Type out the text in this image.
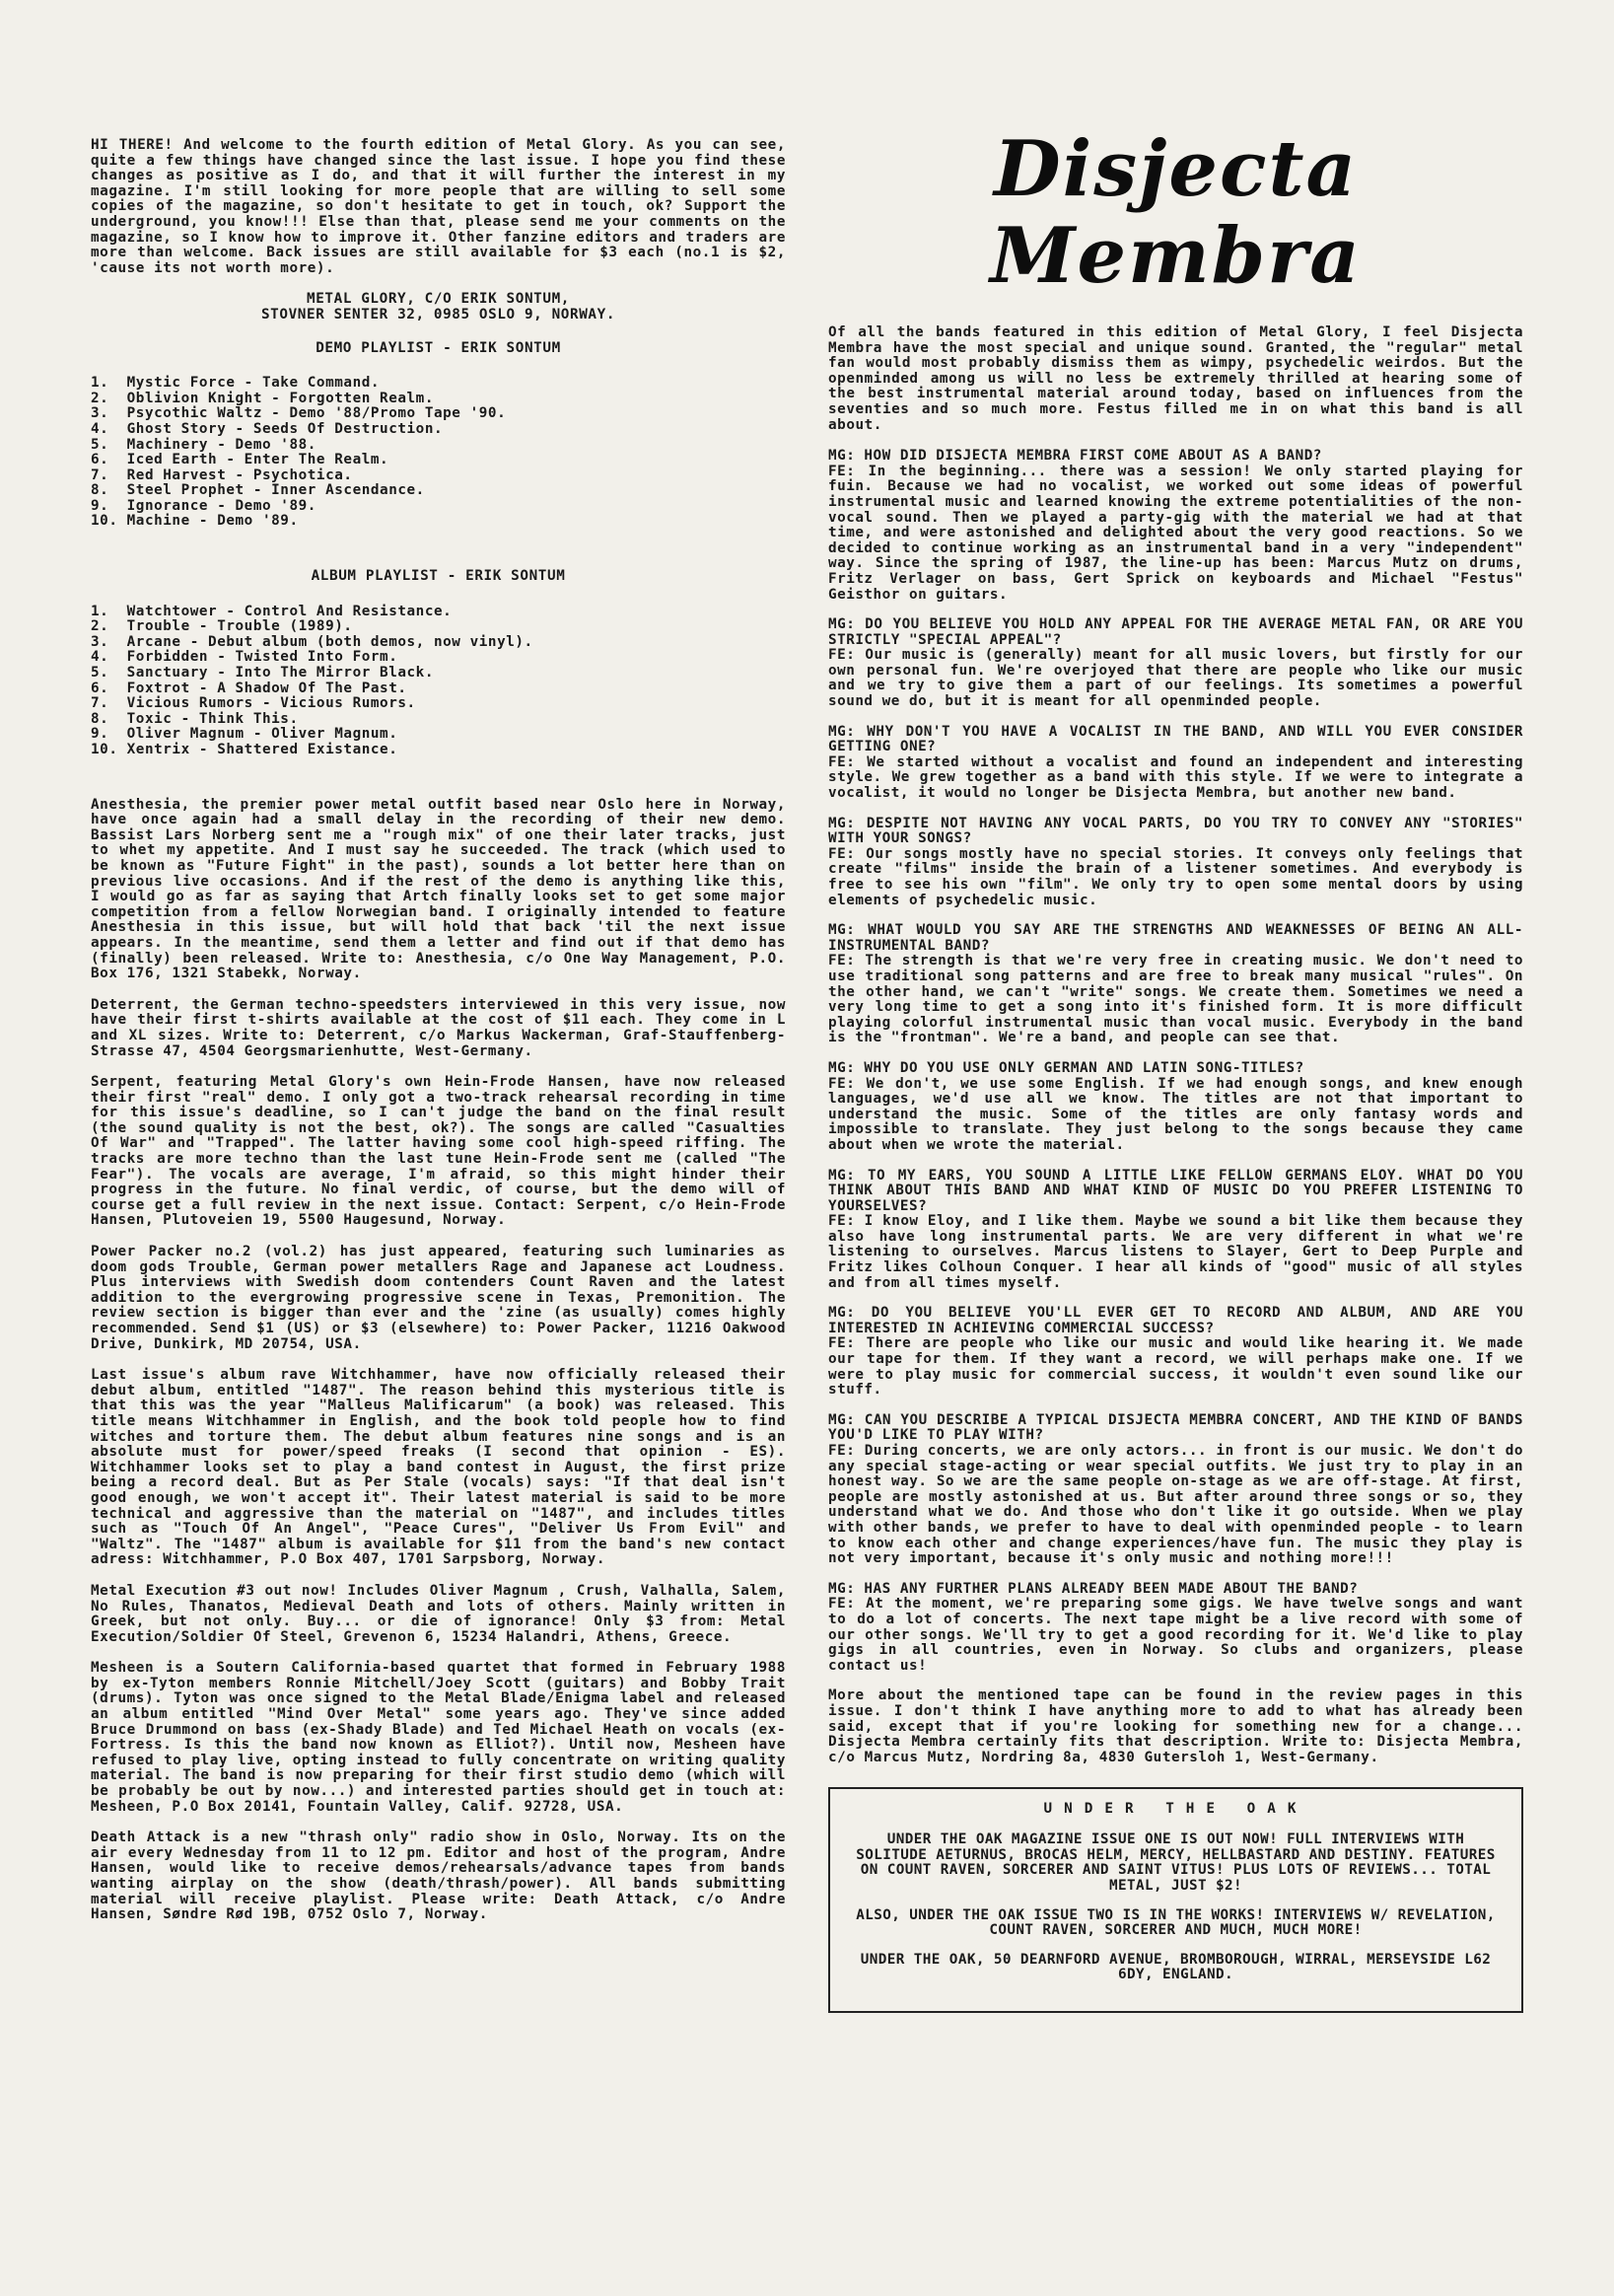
HI THERE! And welcome to the fourth edition of Metal Glory. As you can see, quite a few things have changed since the last issue. I hope you find these changes as positive as I do, and that it will further the interest in my magazine. I'm still looking for more people that are willing to sell some copies of the magazine, so don't hesitate to get in touch, ok? Support the underground, you know!!! Else than that, please send me your comments on the magazine, so I know how to improve it. Other fanzine editors and traders are more than welcome. Back issues are still available for $3 each (no.1 is $2, 'cause its not worth more).

METAL GLORY, C/O ERIK SONTUM,
STOVNER SENTER 32, 0985 OSLO 9, NORWAY.
DEMO PLAYLIST - ERIK SONTUM
1.  Mystic Force - Take Command.
2.  Oblivion Knight - Forgotten Realm.
3.  Psycothic Waltz - Demo '88/Promo Tape '90.
4.  Ghost Story - Seeds Of Destruction.
5.  Machinery - Demo '88.
6.  Iced Earth - Enter The Realm.
7.  Red Harvest - Psychotica.
8.  Steel Prophet - Inner Ascendance.
9.  Ignorance - Demo '89.
10. Machine - Demo '89.
ALBUM PLAYLIST - ERIK SONTUM
1.  Watchtower - Control And Resistance.
2.  Trouble - Trouble (1989).
3.  Arcane - Debut album (both demos, now vinyl).
4.  Forbidden - Twisted Into Form.
5.  Sanctuary - Into The Mirror Black.
6.  Foxtrot - A Shadow Of The Past.
7.  Vicious Rumors - Vicious Rumors.
8.  Toxic - Think This.
9.  Oliver Magnum - Oliver Magnum.
10. Xentrix - Shattered Existance.

Anesthesia, the premier power metal outfit based near Oslo here in Norway, have once again had a small delay in the recording of their new demo. Bassist Lars Norberg sent me a "rough mix" of one their later tracks, just to whet my appetite. And I must say he succeeded. The track (which used to be known as "Future Fight" in the past), sounds a lot better here than on previous live occasions. And if the rest of the demo is anything like this, I would go as far as saying that Artch finally looks set to get some major competition from a fellow Norwegian band. I originally intended to feature Anesthesia in this issue, but will hold that back 'til the next issue appears. In the meantime, send them a letter and find out if that demo has (finally) been released. Write to: Anesthesia, c/o One Way Management, P.O. Box 176, 1321 Stabekk, Norway.

Deterrent, the German techno-speedsters interviewed in this very issue, now have their first t-shirts available at the cost of $11 each. They come in L and XL sizes. Write to: Deterrent, c/o Markus Wackerman, Graf-Stauffenberg-Strasse 47, 4504 Georgsmarienhutte, West-Germany.

Serpent, featuring Metal Glory's own Hein-Frode Hansen, have now released their first "real" demo. I only got a two-track rehearsal recording in time for this issue's deadline, so I can't judge the band on the final result (the sound quality is not the best, ok?). The songs are called "Casualties Of War" and "Trapped". The latter having some cool high-speed riffing. The tracks are more techno than the last tune Hein-Frode sent me (called "The Fear"). The vocals are average, I'm afraid, so this might hinder their progress in the future. No final verdic, of course, but the demo will of course get a full review in the next issue. Contact: Serpent, c/o Hein-Frode Hansen, Plutoveien 19, 5500 Haugesund, Norway.

Power Packer no.2 (vol.2) has just appeared, featuring such luminaries as doom gods Trouble, German power metallers Rage and Japanese act Loudness. Plus interviews with Swedish doom contenders Count Raven and the latest addition to the evergrowing progressive scene in Texas, Premonition. The review section is bigger than ever and the 'zine (as usually) comes highly recommended. Send $1 (US) or $3 (elsewhere) to: Power Packer, 11216 Oakwood Drive, Dunkirk, MD 20754, USA.

Last issue's album rave Witchhammer, have now officially released their debut album, entitled "1487". The reason behind this mysterious title is that this was the year "Malleus Malificarum" (a book) was released. This title means Witchhammer in English, and the book told people how to find witches and torture them. The debut album features nine songs and is an absolute must for power/speed freaks (I second that opinion - ES). Witchhammer looks set to play a band contest in August, the first prize being a record deal. But as Per Stale (vocals) says: "If that deal isn't good enough, we won't accept it". Their latest material is said to be more technical and aggressive than the material on "1487", and includes titles such as "Touch Of An Angel", "Peace Cures", "Deliver Us From Evil" and "Waltz". The "1487" album is available for $11 from the band's new contact adress: Witchhammer, P.O Box 407, 1701 Sarpsborg, Norway.

Metal Execution #3 out now! Includes Oliver Magnum , Crush, Valhalla, Salem, No Rules, Thanatos, Medieval Death and lots of others. Mainly written in Greek, but not only. Buy... or die of ignorance! Only $3 from: Metal Execution/Soldier Of Steel, Grevenon 6, 15234 Halandri, Athens, Greece.

Mesheen is a Soutern California-based quartet that formed in February 1988 by ex-Tyton members Ronnie Mitchell/Joey Scott (guitars) and Bobby Trait (drums). Tyton was once signed to the Metal Blade/Enigma label and released an album entitled "Mind Over Metal" some years ago. They've since added Bruce Drummond on bass (ex-Shady Blade) and Ted Michael Heath on vocals (ex-Fortress. Is this the band now known as Elliot?). Until now, Mesheen have refused to play live, opting instead to fully concentrate on writing quality material. The band is now preparing for their first studio demo (which will be probably be out by now...) and interested parties should get in touch at: Mesheen, P.O Box 20141, Fountain Valley, Calif. 92728, USA.

Death Attack is a new "thrash only" radio show in Oslo, Norway. Its on the air every Wednesday from 11 to 12 pm. Editor and host of the program, Andre Hansen, would like to receive demos/rehearsals/advance tapes from bands wanting airplay on the show (death/thrash/power). All bands submitting material will receive playlist. Please write: Death Attack, c/o Andre Hansen, Søndre Rød 19B, 0752 Oslo 7, Norway.

Disjecta Membra

Of all the bands featured in this edition of Metal Glory, I feel Disjecta Membra have the most special and unique sound. Granted, the "regular" metal fan would most probably dismiss them as wimpy, psychedelic weirdos. But the openminded among us will no less be extremely thrilled at hearing some of the best instrumental material around today, based on influences from the seventies and so much more. Festus filled me in on what this band is all about.

MG: HOW DID DISJECTA MEMBRA FIRST COME ABOUT AS A BAND?
FE: In the beginning... there was a session! We only started playing for fuin. Because we had no vocalist, we worked out some ideas of powerful instrumental music and learned knowing the extreme potentialities of the non-vocal sound. Then we played a party-gig with the material we had at that time, and were astonished and delighted about the very good reactions. So we decided to continue working as an instrumental band in a very "independent" way. Since the spring of 1987, the line-up has been: Marcus Mutz on drums, Fritz Verlager on bass, Gert Sprick on keyboards and Michael "Festus" Geisthor on guitars.
MG: DO YOU BELIEVE YOU HOLD ANY APPEAL FOR THE AVERAGE METAL FAN, OR ARE YOU STRICTLY "SPECIAL APPEAL"?
FE: Our music is (generally) meant for all music lovers, but firstly for our own personal fun. We're overjoyed that there are people who like our music and we try to give them a part of our feelings. Its sometimes a powerful sound we do, but it is meant for all openminded people.
MG: WHY DON'T YOU HAVE A VOCALIST IN THE BAND, AND WILL YOU EVER CONSIDER GETTING ONE?
FE: We started without a vocalist and found an independent and interesting style. We grew together as a band with this style. If we were to integrate a vocalist, it would no longer be Disjecta Membra, but another new band.
MG: DESPITE NOT HAVING ANY VOCAL PARTS, DO YOU TRY TO CONVEY ANY "STORIES" WITH YOUR SONGS?
FE: Our songs mostly have no special stories. It conveys only feelings that create "films" inside the brain of a listener sometimes. And everybody is free to see his own "film". We only try to open some mental doors by using elements of psychedelic music.
MG: WHAT WOULD YOU SAY ARE THE STRENGTHS AND WEAKNESSES OF BEING AN ALL-INSTRUMENTAL BAND?
FE: The strength is that we're very free in creating music. We don't need to use traditional song patterns and are free to break many musical "rules". On the other hand, we can't "write" songs. We create them. Sometimes we need a very long time to get a song into it's finished form. It is more difficult playing colorful instrumental music than vocal music. Everybody in the band is the "frontman". We're a band, and people can see that.
MG: WHY DO YOU USE ONLY GERMAN AND LATIN SONG-TITLES?
FE: We don't, we use some English. If we had enough songs, and knew enough languages, we'd use all we know. The titles are not that important to understand the music. Some of the titles are only fantasy words and impossible to translate. They just belong to the songs because they came about when we wrote the material.
MG: TO MY EARS, YOU SOUND A LITTLE LIKE FELLOW GERMANS ELOY. WHAT DO YOU THINK ABOUT THIS BAND AND WHAT KIND OF MUSIC DO YOU PREFER LISTENING TO YOURSELVES?
FE: I know Eloy, and I like them. Maybe we sound a bit like them because they also have long instrumental parts. We are very different in what we're listening to ourselves. Marcus listens to Slayer, Gert to Deep Purple and Fritz likes Colhoun Conquer. I hear all kinds of "good" music of all styles and from all times myself.
MG: DO YOU BELIEVE YOU'LL EVER GET TO RECORD AND ALBUM, AND ARE YOU INTERESTED IN ACHIEVING COMMERCIAL SUCCESS?
FE: There are people who like our music and would like hearing it. We made our tape for them. If they want a record, we will perhaps make one. If we were to play music for commercial success, it wouldn't even sound like our stuff.
MG: CAN YOU DESCRIBE A TYPICAL DISJECTA MEMBRA CONCERT, AND THE KIND OF BANDS YOU'D LIKE TO PLAY WITH?
FE: During concerts, we are only actors... in front is our music. We don't do any special stage-acting or wear special outfits. We just try to play in an honest way. So we are the same people on-stage as we are off-stage. At first, people are mostly astonished at us. But after around three songs or so, they understand what we do. And those who don't like it go outside. When we play with other bands, we prefer to have to deal with openminded people - to learn to know each other and change experiences/have fun. The music they play is not very important, because it's only music and nothing more!!!
MG: HAS ANY FURTHER PLANS ALREADY BEEN MADE ABOUT THE BAND?
FE: At the moment, we're preparing some gigs. We have twelve songs and want to do a lot of concerts. The next tape might be a live record with some of our other songs. We'll try to get a good recording for it. We'd like to play gigs in all countries, even in Norway. So clubs and organizers, please contact us!

More about the mentioned tape can be found in the review pages in this issue. I don't think I have anything more to add to what has already been said, except that if you're looking for something new for a change... Disjecta Membra certainly fits that description. Write to: Disjecta Membra, c/o Marcus Mutz, Nordring 8a, 4830 Gutersloh 1, West-Germany.

UNDER THE OAK
UNDER THE OAK MAGAZINE ISSUE ONE IS OUT NOW! FULL INTERVIEWS WITH SOLITUDE AETURNUS, BROCAS HELM, MERCY, HELLBASTARD AND DESTINY. FEATURES ON COUNT RAVEN, SORCERER AND SAINT VITUS! PLUS LOTS OF REVIEWS... TOTAL METAL, JUST $2!
ALSO, UNDER THE OAK ISSUE TWO IS IN THE WORKS! INTERVIEWS W/ REVELATION, COUNT RAVEN, SORCERER AND MUCH, MUCH MORE!
UNDER THE OAK, 50 DEARNFORD AVENUE, BROMBOROUGH, WIRRAL, MERSEYSIDE L62 6DY, ENGLAND.
